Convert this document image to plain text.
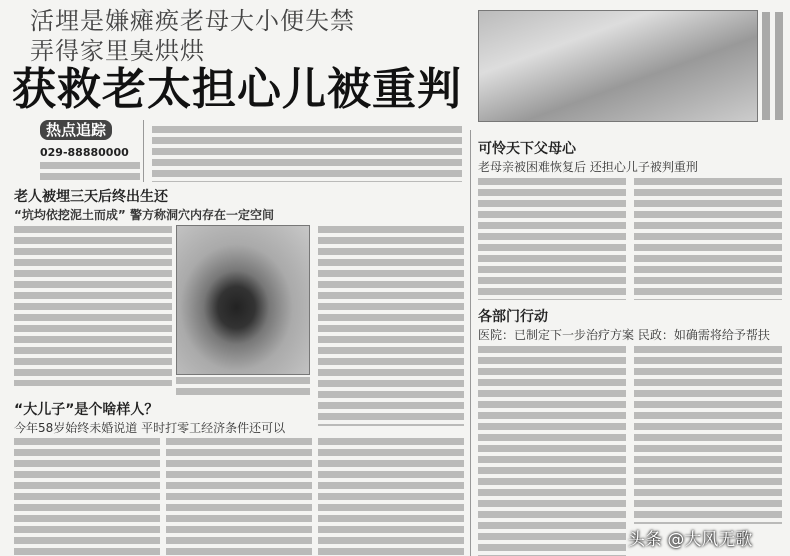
活埋是嫌瘫痪老母大小便失禁
弄得家里臭烘烘
获救老太担心儿被重判
热点追踪
029-88880000
老人被埋三天后终出生还
“坑均依挖泥土而成” 警方称洞穴内存在一定空间
“大儿子”是个啥样人？
今年58岁始终未婚说道 平时打零工经济条件还可以
可怜天下父母心
老母亲被困难恢复后 还担心儿子被判重刑
各部门行动
医院：已制定下一步治疗方案 民政：如确需将给予帮扶
头条 @大风无歌
